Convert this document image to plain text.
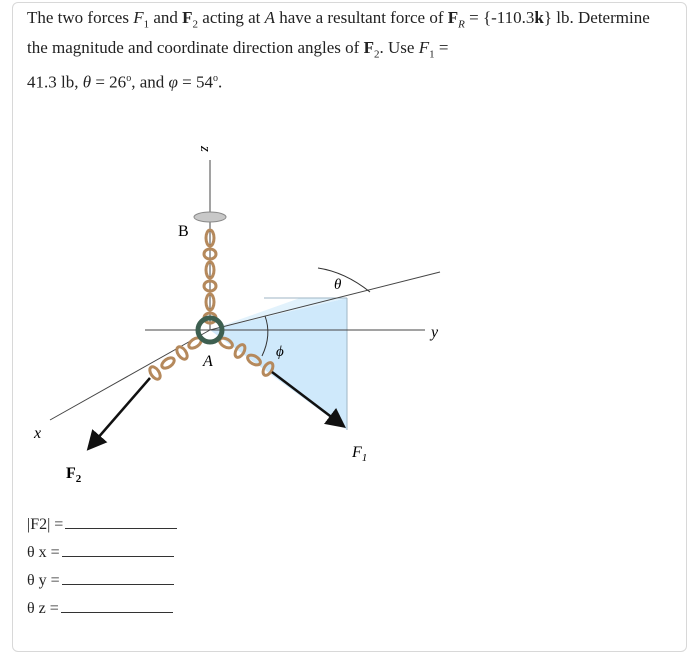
The two forces $F_1$ and $F_2$ acting at A have a resultant force of $F_R = \{-110.3k\}$ lb. Determine the magnitude and coordinate direction angles of $F_2$. Use $F_1$ =
41.3 lb, $\theta = 26^o$, and $\varphi = 54^o$.

z
y
x
θ
ϕ
B
A
$F_1$
$F_2$
|F2| =
θ x =
θ y =
θ z =
